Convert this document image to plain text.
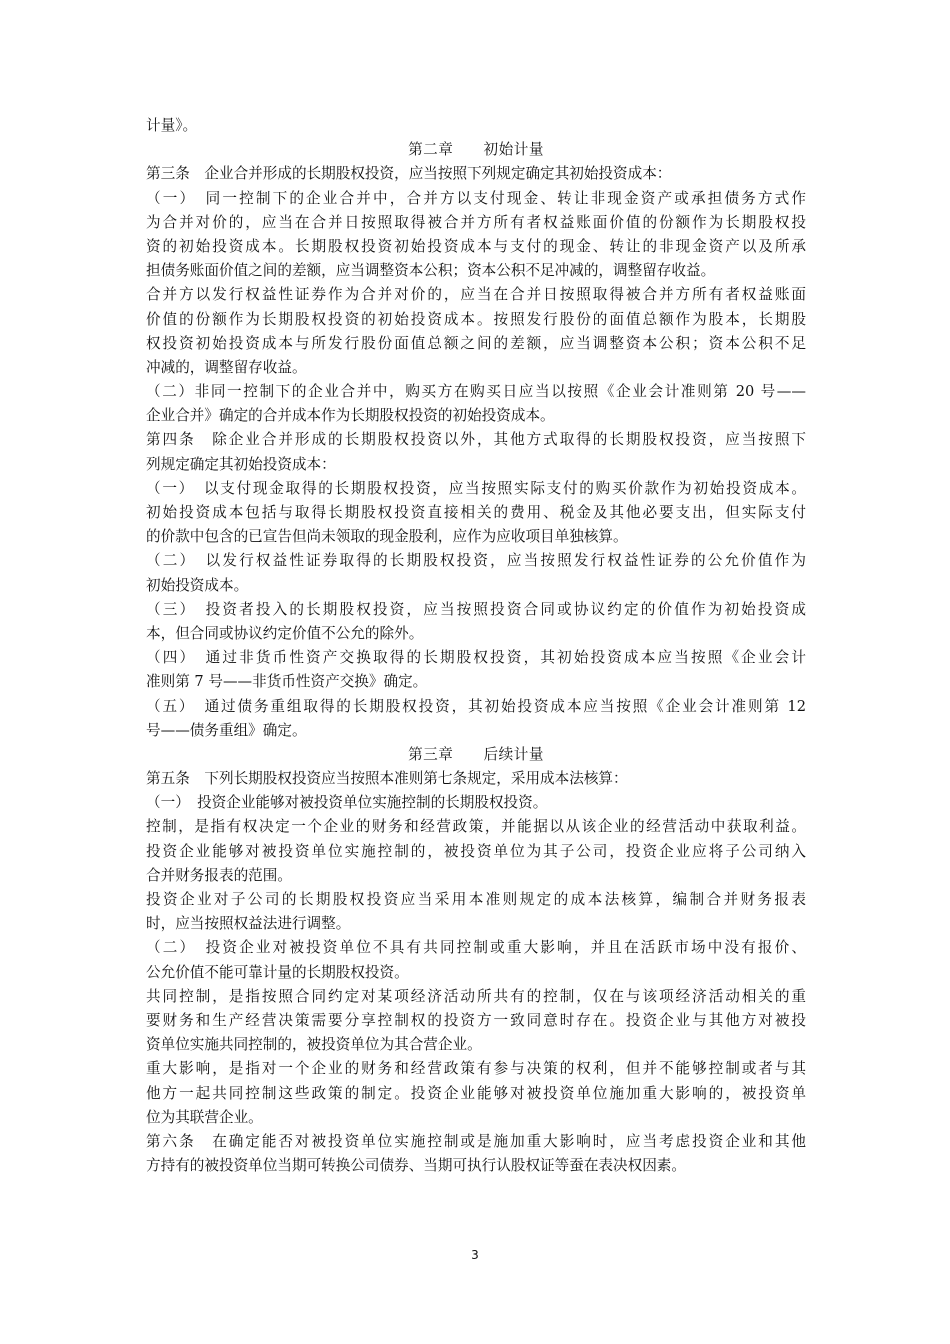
计量》。
第二章　　初始计量
第三条　企业合并形成的长期股权投资，应当按照下列规定确定其初始投资成本：
（一）　同一控制下的企业合并中，合并方以支付现金、转让非现金资产或承担债务方式作
为合并对价的，应当在合并日按照取得被合并方所有者权益账面价值的份额作为长期股权投
资的初始投资成本。长期股权投资初始投资成本与支付的现金、转让的非现金资产以及所承
担债务账面价值之间的差额，应当调整资本公积；资本公积不足冲减的，调整留存收益。
合并方以发行权益性证券作为合并对价的，应当在合并日按照取得被合并方所有者权益账面
价值的份额作为长期股权投资的初始投资成本。按照发行股份的面值总额作为股本，长期股
权投资初始投资成本与所发行股份面值总额之间的差额，应当调整资本公积；资本公积不足
冲减的，调整留存收益。
（二）非同一控制下的企业合并中，购买方在购买日应当以按照《企业会计准则第 20 号——
企业合并》确定的合并成本作为长期股权投资的初始投资成本。
第四条　除企业合并形成的长期股权投资以外，其他方式取得的长期股权投资，应当按照下
列规定确定其初始投资成本：
（一）　以支付现金取得的长期股权投资，应当按照实际支付的购买价款作为初始投资成本。
初始投资成本包括与取得长期股权投资直接相关的费用、税金及其他必要支出，但实际支付
的价款中包含的已宣告但尚未领取的现金股利，应作为应收项目单独核算。
（二）　以发行权益性证券取得的长期股权投资，应当按照发行权益性证券的公允价值作为
初始投资成本。
（三）　投资者投入的长期股权投资，应当按照投资合同或协议约定的价值作为初始投资成
本，但合同或协议约定价值不公允的除外。
（四）　通过非货币性资产交换取得的长期股权投资，其初始投资成本应当按照《企业会计
准则第 7 号——非货币性资产交换》确定。
（五）　通过债务重组取得的长期股权投资，其初始投资成本应当按照《企业会计准则第 12
号——债务重组》确定。
第三章　　后续计量
第五条　下列长期股权投资应当按照本准则第七条规定，采用成本法核算：
（一）　投资企业能够对被投资单位实施控制的长期股权投资。
控制，是指有权决定一个企业的财务和经营政策，并能据以从该企业的经营活动中获取利益。
投资企业能够对被投资单位实施控制的，被投资单位为其子公司，投资企业应将子公司纳入
合并财务报表的范围。
投资企业对子公司的长期股权投资应当采用本准则规定的成本法核算，编制合并财务报表
时，应当按照权益法进行调整。
（二）　投资企业对被投资单位不具有共同控制或重大影响，并且在活跃市场中没有报价、
公允价值不能可靠计量的长期股权投资。
共同控制，是指按照合同约定对某项经济活动所共有的控制，仅在与该项经济活动相关的重
要财务和生产经营决策需要分享控制权的投资方一致同意时存在。投资企业与其他方对被投
资单位实施共同控制的，被投资单位为其合营企业。
重大影响，是指对一个企业的财务和经营政策有参与决策的权利，但并不能够控制或者与其
他方一起共同控制这些政策的制定。投资企业能够对被投资单位施加重大影响的，被投资单
位为其联营企业。
第六条　在确定能否对被投资单位实施控制或是施加重大影响时，应当考虑投资企业和其他
方持有的被投资单位当期可转换公司债券、当期可执行认股权证等蚕在表决权因素。
3
